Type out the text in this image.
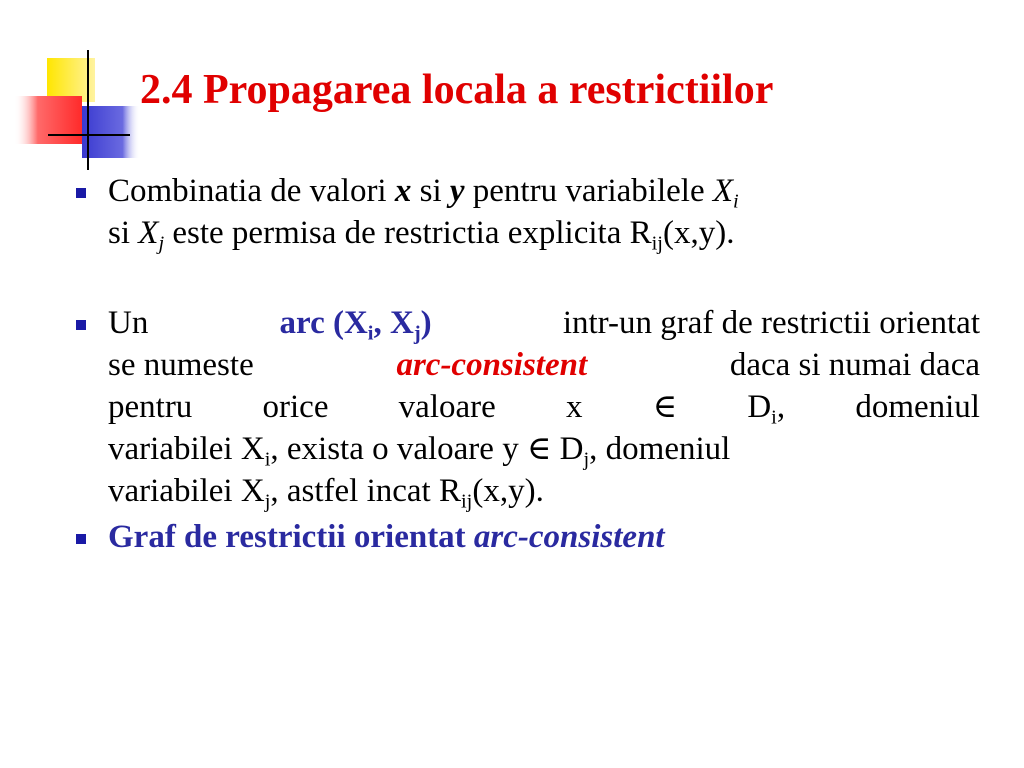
2.4 Propagarea locala a restrictiilor
Combinatia de valori x si y pentru variabilele $X_i$
si $X_j$ este permisa de restrictia explicita $R_{ij}(x,y)$.
Un	arc ($X_i$, $X_j$)	intr-un graf de restrictii orientat
se numeste	arc-consistent	daca si numai daca
pentru orice valoare x ∈ $D_i$, domeniul
variabilei $X_i$, exista o valoare y ∈ $D_j$, domeniul
variabilei $X_j$, astfel incat $R_{ij}(x,y)$.
Graf de restrictii orientat arc-consistent
